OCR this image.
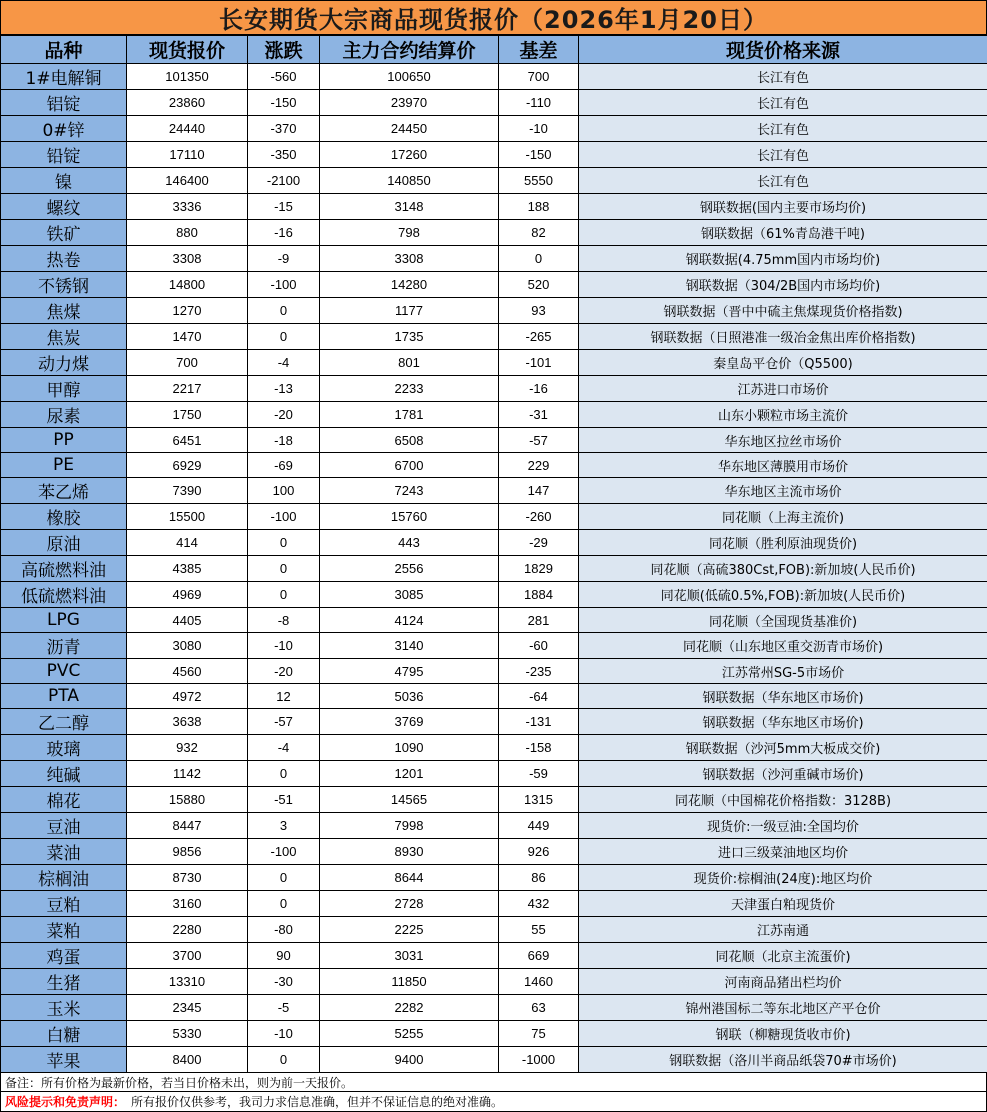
长安期货大宗商品现货报价（2026年1月20日）
品种	现货报价	涨跌	主力合约结算价	基差	现货价格来源
1#电解铜	101350	-560	100650	700	长江有色
铝锭	23860	-150	23970	-110	长江有色
0#锌	24440	-370	24450	-10	长江有色
铅锭	17110	-350	17260	-150	长江有色
镍	146400	-2100	140850	5550	长江有色
螺纹	3336	-15	3148	188	钢联数据(国内主要市场均价)
铁矿	880	-16	798	82	钢联数据（61%青岛港干吨)
热卷	3308	-9	3308	0	钢联数据(4.75mm国内市场均价)
不锈钢	14800	-100	14280	520	钢联数据（304/2B国内市场均价)
焦煤	1270	0	1177	93	钢联数据（晋中中硫主焦煤现货价格指数)
焦炭	1470	0	1735	-265	钢联数据（日照港准一级冶金焦出库价格指数)
动力煤	700	-4	801	-101	秦皇岛平仓价（Q5500)
甲醇	2217	-13	2233	-16	江苏进口市场价
尿素	1750	-20	1781	-31	山东小颗粒市场主流价
PP	6451	-18	6508	-57	华东地区拉丝市场价
PE	6929	-69	6700	229	华东地区薄膜用市场价
苯乙烯	7390	100	7243	147	华东地区主流市场价
橡胶	15500	-100	15760	-260	同花顺（上海主流价)
原油	414	0	443	-29	同花顺（胜利原油现货价)
高硫燃料油	4385	0	2556	1829	同花顺（高硫380Cst,FOB):新加坡(人民币价)
低硫燃料油	4969	0	3085	1884	同花顺(低硫0.5%,FOB):新加坡(人民币价)
LPG	4405	-8	4124	281	同花顺（全国现货基准价)
沥青	3080	-10	3140	-60	同花顺（山东地区重交沥青市场价)
PVC	4560	-20	4795	-235	江苏常州SG-5市场价
PTA	4972	12	5036	-64	钢联数据（华东地区市场价)
乙二醇	3638	-57	3769	-131	钢联数据（华东地区市场价)
玻璃	932	-4	1090	-158	钢联数据（沙河5mm大板成交价)
纯碱	1142	0	1201	-59	钢联数据（沙河重碱市场价)
棉花	15880	-51	14565	1315	同花顺（中国棉花价格指数：3128B)
豆油	8447	3	7998	449	现货价:一级豆油:全国均价
菜油	9856	-100	8930	926	进口三级菜油地区均价
棕榈油	8730	0	8644	86	现货价:棕榈油(24度):地区均价
豆粕	3160	0	2728	432	天津蛋白粕现货价
菜粕	2280	-80	2225	55	江苏南通
鸡蛋	3700	90	3031	669	同花顺（北京主流蛋价)
生猪	13310	-30	11850	1460	河南商品猪出栏均价
玉米	2345	-5	2282	63	锦州港国标二等东北地区产平仓价
白糖	5330	-10	5255	75	钢联（柳糖现货收市价)
苹果	8400	0	9400	-1000	钢联数据（洛川半商品纸袋70#市场价)
备注：所有价格为最新价格，若当日价格未出，则为前一天报价。
风险提示和免责声明： 所有报价仅供参考，我司力求信息准确，但并不保证信息的绝对准确。
